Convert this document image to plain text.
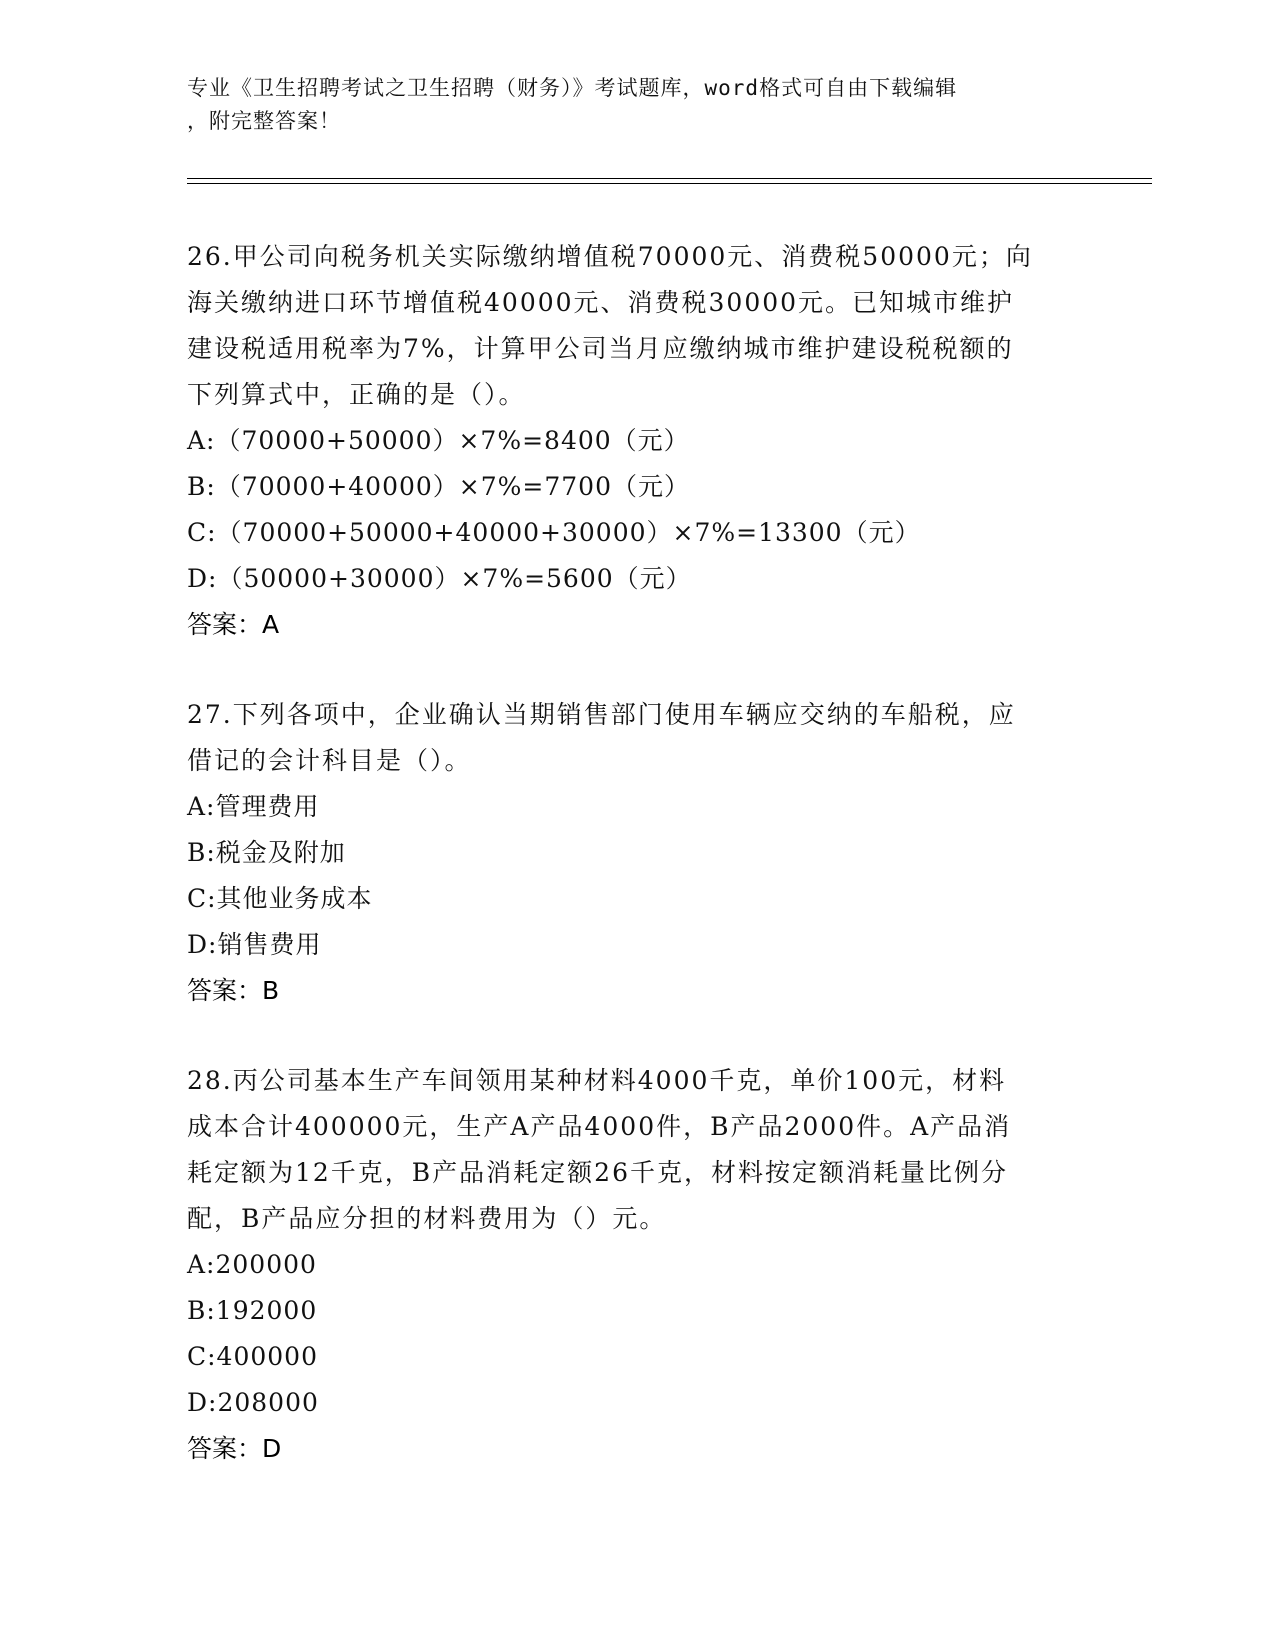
专业《卫生招聘考试之卫生招聘（财务）》考试题库，word格式可自由下载编辑
，附完整答案！
26.甲公司向税务机关实际缴纳增值税70000元、消费税50000元；向
海关缴纳进口环节增值税40000元、消费税30000元。已知城市维护
建设税适用税率为7%，计算甲公司当月应缴纳城市维护建设税税额的
下列算式中，正确的是（）。
A:（70000+50000）×7%=8400（元）
B:（70000+40000）×7%=7700（元）
C:（70000+50000+40000+30000）×7%=13300（元）
D:（50000+30000）×7%=5600（元）
答案：A
27.下列各项中，企业确认当期销售部门使用车辆应交纳的车船税，应
借记的会计科目是（）。
A:管理费用
B:税金及附加
C:其他业务成本
D:销售费用
答案：B
28.丙公司基本生产车间领用某种材料4000千克，单价100元，材料
成本合计400000元，生产A产品4000件，B产品2000件。A产品消
耗定额为12千克，B产品消耗定额26千克，材料按定额消耗量比例分
配，B产品应分担的材料费用为（）元。
A:200000
B:192000
C:400000
D:208000
答案：D
